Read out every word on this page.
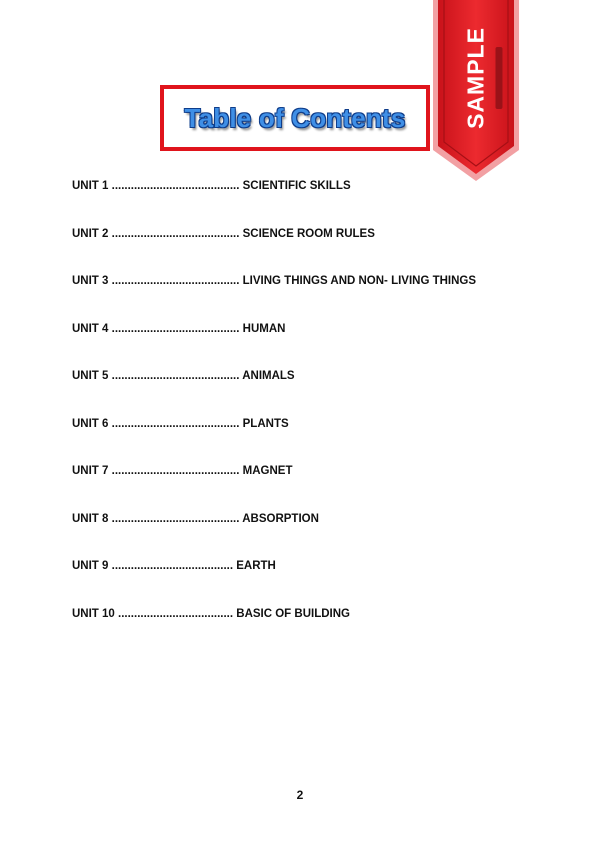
Table of Contents SAMPLE
UNIT 1 ........................................ SCIENTIFIC SKILLS
UNIT 2 ........................................ SCIENCE ROOM RULES
UNIT 3 ........................................ LIVING THINGS AND NON- LIVING THINGS
UNIT 4 ........................................ HUMAN
UNIT 5 ........................................ ANIMALS
UNIT 6 ........................................ PLANTS
UNIT 7 ........................................ MAGNET
UNIT 8 ........................................ ABSORPTION
UNIT 9 ...................................... EARTH
UNIT 10 .................................... BASIC OF BUILDING
2
